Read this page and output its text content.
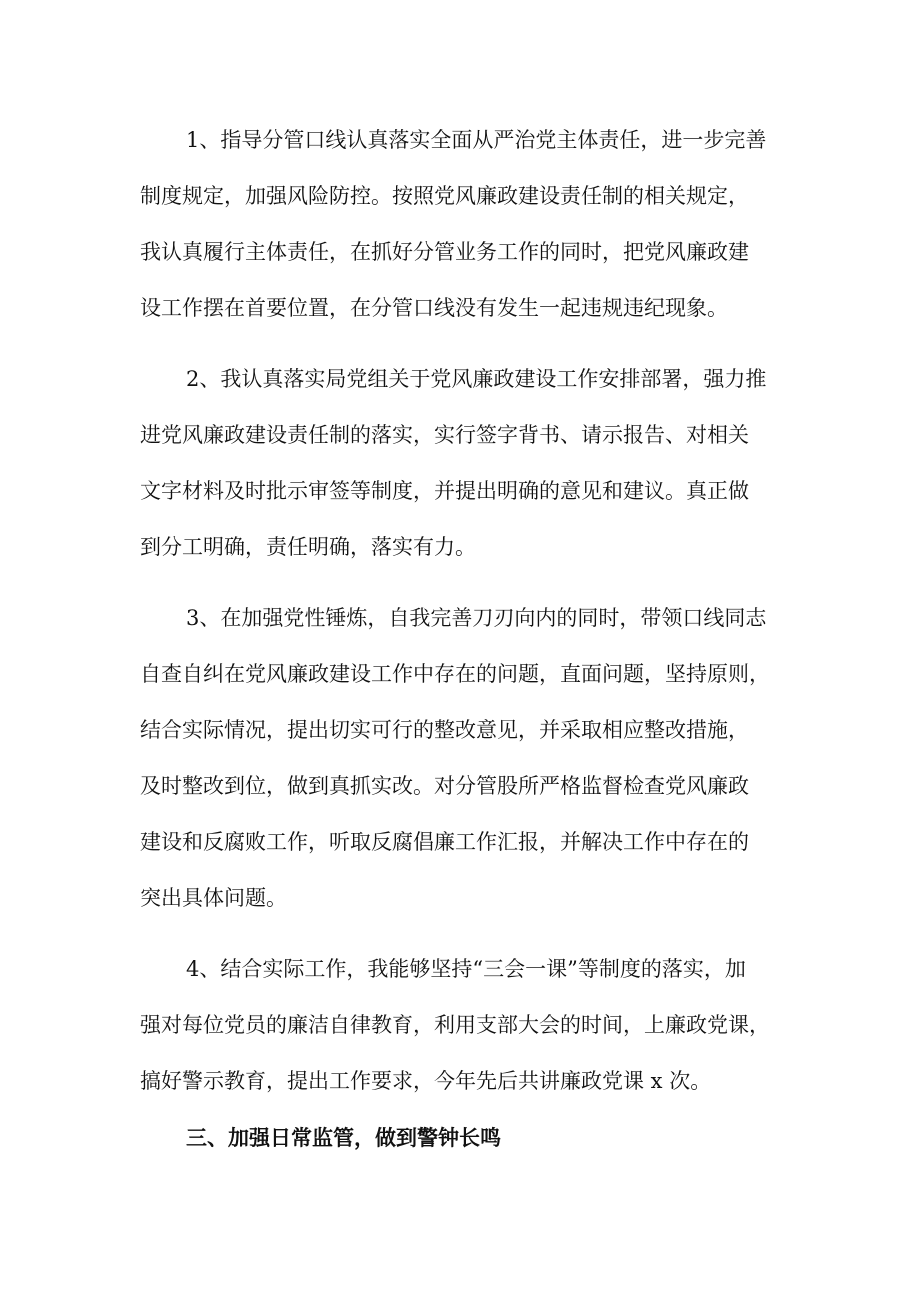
1、指导分管口线认真落实全面从严治党主体责任，进一步完善
制度规定，加强风险防控。按照党风廉政建设责任制的相关规定，
我认真履行主体责任，在抓好分管业务工作的同时，把党风廉政建
设工作摆在首要位置，在分管口线没有发生一起违规违纪现象。
2、我认真落实局党组关于党风廉政建设工作安排部署，强力推
进党风廉政建设责任制的落实，实行签字背书、请示报告、对相关
文字材料及时批示审签等制度，并提出明确的意见和建议。真正做
到分工明确，责任明确，落实有力。
3、在加强党性锤炼，自我完善刀刃向内的同时，带领口线同志
自查自纠在党风廉政建设工作中存在的问题，直面问题，坚持原则，
结合实际情况，提出切实可行的整改意见，并采取相应整改措施，
及时整改到位，做到真抓实改。对分管股所严格监督检查党风廉政
建设和反腐败工作，听取反腐倡廉工作汇报，并解决工作中存在的
突出具体问题。
4、结合实际工作，我能够坚持“三会一课”等制度的落实，加
强对每位党员的廉洁自律教育，利用支部大会的时间，上廉政党课，
搞好警示教育，提出工作要求，今年先后共讲廉政党课 x 次。
三、加强日常监管，做到警钟长鸣
